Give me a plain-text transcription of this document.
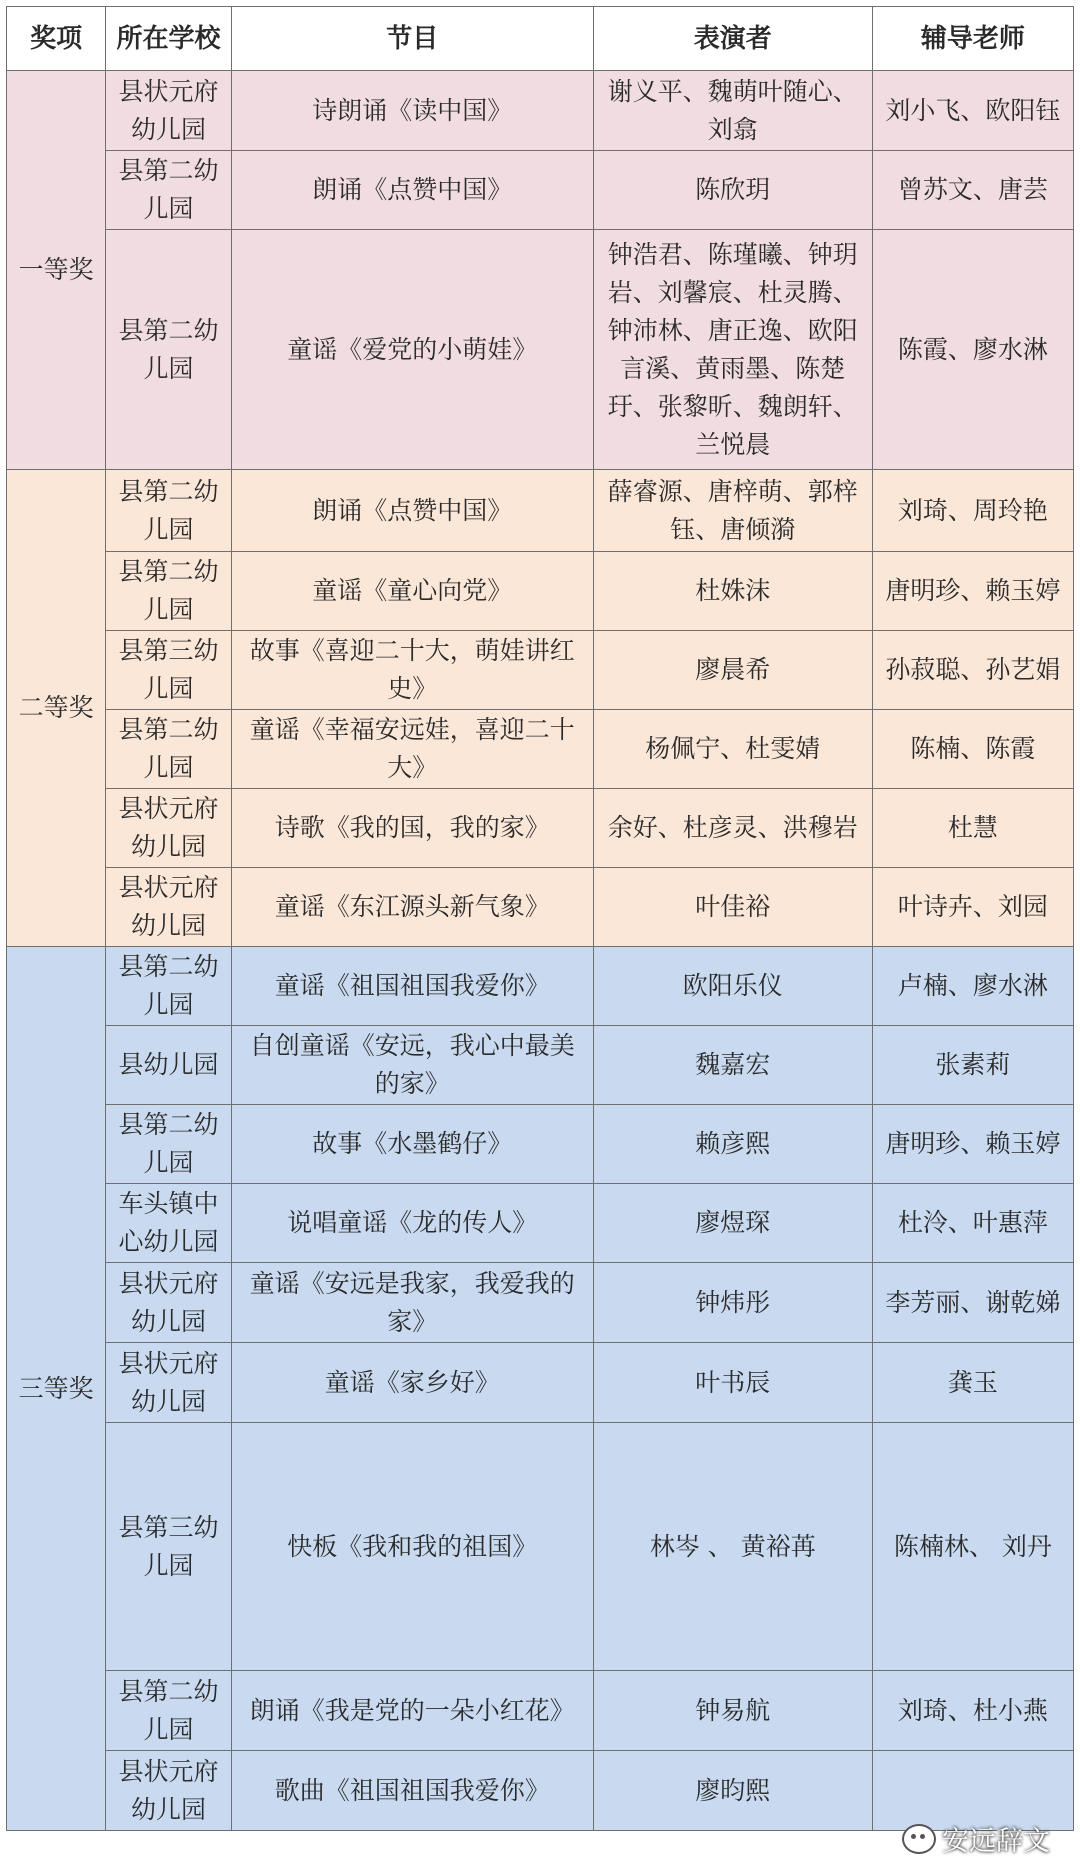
奖项	所在学校	节目	表演者	辅导老师
一等奖	县状元府幼儿园	诗朗诵《读中国》	谢义平、魏萌叶随心、刘翕	刘小飞、欧阳钰
	县第二幼儿园	朗诵《点赞中国》	陈欣玥	曾苏文、唐芸
	县第二幼儿园	童谣《爱党的小萌娃》	钟浩君、陈瑾曦、钟玥岩、刘馨宸、杜灵腾、钟沛林、唐正逸、欧阳言溪、黄雨墨、陈楚玗、张黎昕、魏朗轩、兰悦晨	陈霞、廖水淋
二等奖	县第二幼儿园	朗诵《点赞中国》	薛睿源、唐梓萌、郭梓钰、唐倾漪	刘琦、周玲艳
	县第二幼儿园	童谣《童心向党》	杜姝沫	唐明珍、赖玉婷
	县第三幼儿园	故事《喜迎二十大，萌娃讲红史》	廖晨希	孙菽聪、孙艺娟
	县第二幼儿园	童谣《幸福安远娃，喜迎二十大》	杨佩宁、杜雯婧	陈楠、陈霞
	县状元府幼儿园	诗歌《我的国，我的家》	余好、杜彦灵、洪穆岩	杜慧
	县状元府幼儿园	童谣《东江源头新气象》	叶佳裕	叶诗卉、刘园
三等奖	县第二幼儿园	童谣《祖国祖国我爱你》	欧阳乐仪	卢楠、廖水淋
	县幼儿园	自创童谣《安远，我心中最美的家》	魏嘉宏	张素莉
	县第二幼儿园	故事《水墨鹤仔》	赖彦熙	唐明珍、赖玉婷
	车头镇中心幼儿园	说唱童谣《龙的传人》	廖煜琛	杜泠、叶惠萍
	县状元府幼儿园	童谣《安远是我家，我爱我的家》	钟炜彤	李芳丽、谢乾娣
	县状元府幼儿园	童谣《家乡好》	叶书辰	龚玉
	县第三幼儿园	快板《我和我的祖国》	林岑 、 黄裕苒	陈楠林、 刘丹
	县第二幼儿园	朗诵《我是党的一朵小红花》	钟易航	刘琦、杜小燕
	县状元府幼儿园	歌曲《祖国祖国我爱你》	廖昀熙	
安远辞文
